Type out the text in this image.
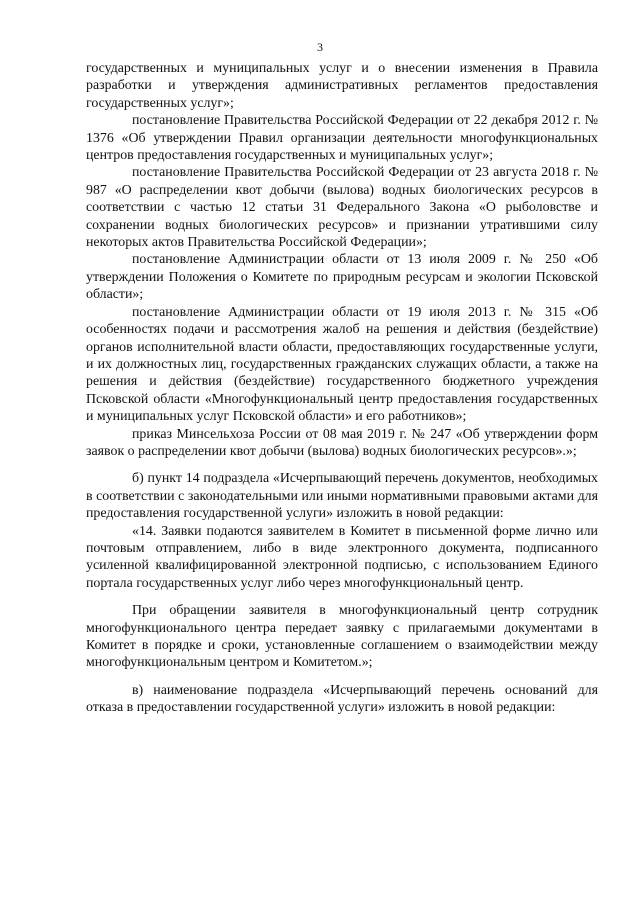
3

государственных и муниципальных услуг и о внесении изменения в Правила разработки и утверждения административных регламентов предоставления государственных услуг»;

постановление Правительства Российской Федерации от 22 декабря 2012 г. № 1376 «Об утверждении Правил организации деятельности многофункциональных центров предоставления государственных и муниципальных услуг»;

постановление Правительства Российской Федерации от 23 августа 2018 г. № 987 «О распределении квот добычи (вылова) водных биологических ресурсов в соответствии с частью 12 статьи 31 Федерального Закона «О рыболовстве и сохранении водных биологических ресурсов» и признании утратившими силу некоторых актов Правительства Российской Федерации»;

постановление Администрации области от 13 июля 2009 г. № 250 «Об утверждении Положения о Комитете по природным ресурсам и экологии Псковской области»;

постановление Администрации области от 19 июля 2013 г. № 315 «Об особенностях подачи и рассмотрения жалоб на решения и действия (бездействие) органов исполнительной власти области, предоставляющих государственные услуги, и их должностных лиц, государственных гражданских служащих области, а также на решения и действия (бездействие) государственного бюджетного учреждения Псковской области «Многофункциональный центр предоставления государственных и муниципальных услуг Псковской области» и его работников»;

приказ Минсельхоза России от 08 мая 2019 г. № 247 «Об утверждении форм заявок о распределении квот добычи (вылова) водных биологических ресурсов».»;

б) пункт 14 подраздела «Исчерпывающий перечень документов, необходимых в соответствии с законодательными или иными нормативными правовыми актами для предоставления государственной услуги» изложить в новой редакции:

«14. Заявки подаются заявителем в Комитет в письменной форме лично или почтовым отправлением, либо в виде электронного документа, подписанного усиленной квалифицированной электронной подписью, с использованием Единого портала государственных услуг либо через многофункциональный центр.

При обращении заявителя в многофункциональный центр сотрудник многофункционального центра передает заявку с прилагаемыми документами в Комитет в порядке и сроки, установленные соглашением о взаимодействии между многофункциональным центром и Комитетом.»;

в) наименование подраздела «Исчерпывающий перечень оснований для отказа в предоставлении государственной услуги» изложить в новой редакции:
